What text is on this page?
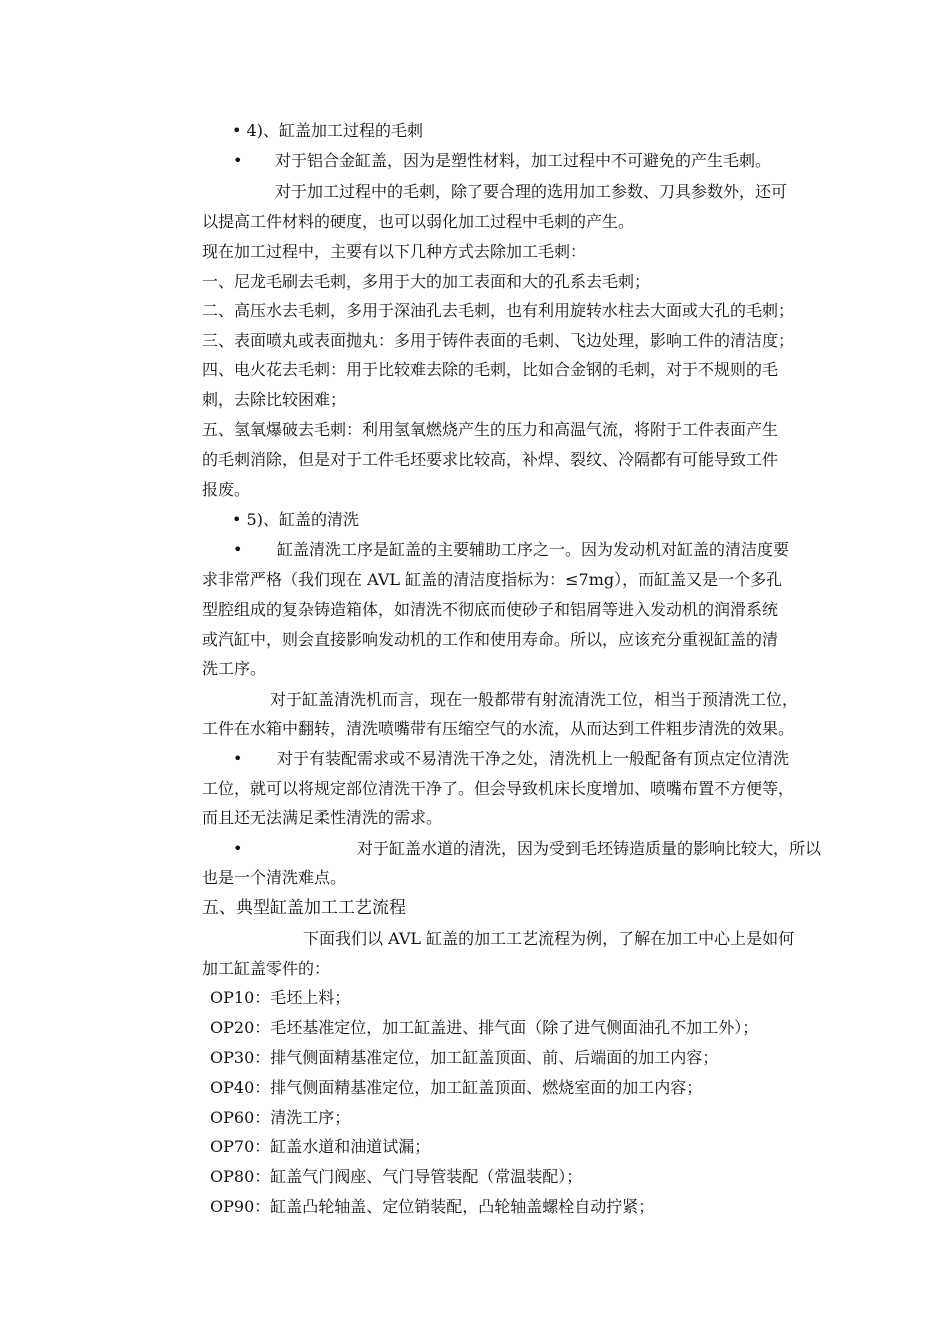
• 4)、缸盖加工过程的毛刺
• 对于铝合金缸盖，因为是塑性材料，加工过程中不可避免的产生毛刺。
对于加工过程中的毛刺，除了要合理的选用加工参数、刀具参数外，还可
以提高工件材料的硬度，也可以弱化加工过程中毛刺的产生。
现在加工过程中，主要有以下几种方式去除加工毛刺：
一、尼龙毛刷去毛刺，多用于大的加工表面和大的孔系去毛刺；
二、高压水去毛刺，多用于深油孔去毛刺，也有利用旋转水柱去大面或大孔的毛刺；
三、表面喷丸或表面抛丸：多用于铸件表面的毛刺、飞边处理，影响工件的清洁度；
四、电火花去毛刺：用于比较难去除的毛刺，比如合金钢的毛刺，对于不规则的毛
刺，去除比较困难；
五、氢氧爆破去毛刺：利用氢氧燃烧产生的压力和高温气流，将附于工件表面产生
的毛刺消除，但是对于工件毛坯要求比较高，补焊、裂纹、冷隔都有可能导致工件
报废。
• 5)、缸盖的清洗
• 缸盖清洗工序是缸盖的主要辅助工序之一。因为发动机对缸盖的清洁度要
求非常严格（我们现在 AVL 缸盖的清洁度指标为：≤7mg），而缸盖又是一个多孔
型腔组成的复杂铸造箱体，如清洗不彻底而使砂子和铝屑等进入发动机的润滑系统
或汽缸中，则会直接影响发动机的工作和使用寿命。所以，应该充分重视缸盖的清
洗工序。
对于缸盖清洗机而言，现在一般都带有射流清洗工位，相当于预清洗工位，
工件在水箱中翻转，清洗喷嘴带有压缩空气的水流，从而达到工件粗步清洗的效果。
• 对于有装配需求或不易清洗干净之处，清洗机上一般配备有顶点定位清洗
工位，就可以将规定部位清洗干净了。但会导致机床长度增加、喷嘴布置不方便等，
而且还无法满足柔性清洗的需求。
•	对于缸盖水道的清洗，因为受到毛坯铸造质量的影响比较大，所以
也是一个清洗难点。
五、典型缸盖加工工艺流程
下面我们以 AVL 缸盖的加工工艺流程为例，了解在加工中心上是如何
加工缸盖零件的：
OP10：毛坯上料；
OP20：毛坯基准定位，加工缸盖进、排气面（除了进气侧面油孔不加工外）；
OP30：排气侧面精基准定位，加工缸盖顶面、前、后端面的加工内容；
OP40：排气侧面精基准定位，加工缸盖顶面、燃烧室面的加工内容；
OP60：清洗工序；
OP70：缸盖水道和油道试漏；
OP80：缸盖气门阀座、气门导管装配（常温装配）；
OP90：缸盖凸轮轴盖、定位销装配，凸轮轴盖螺栓自动拧紧；
